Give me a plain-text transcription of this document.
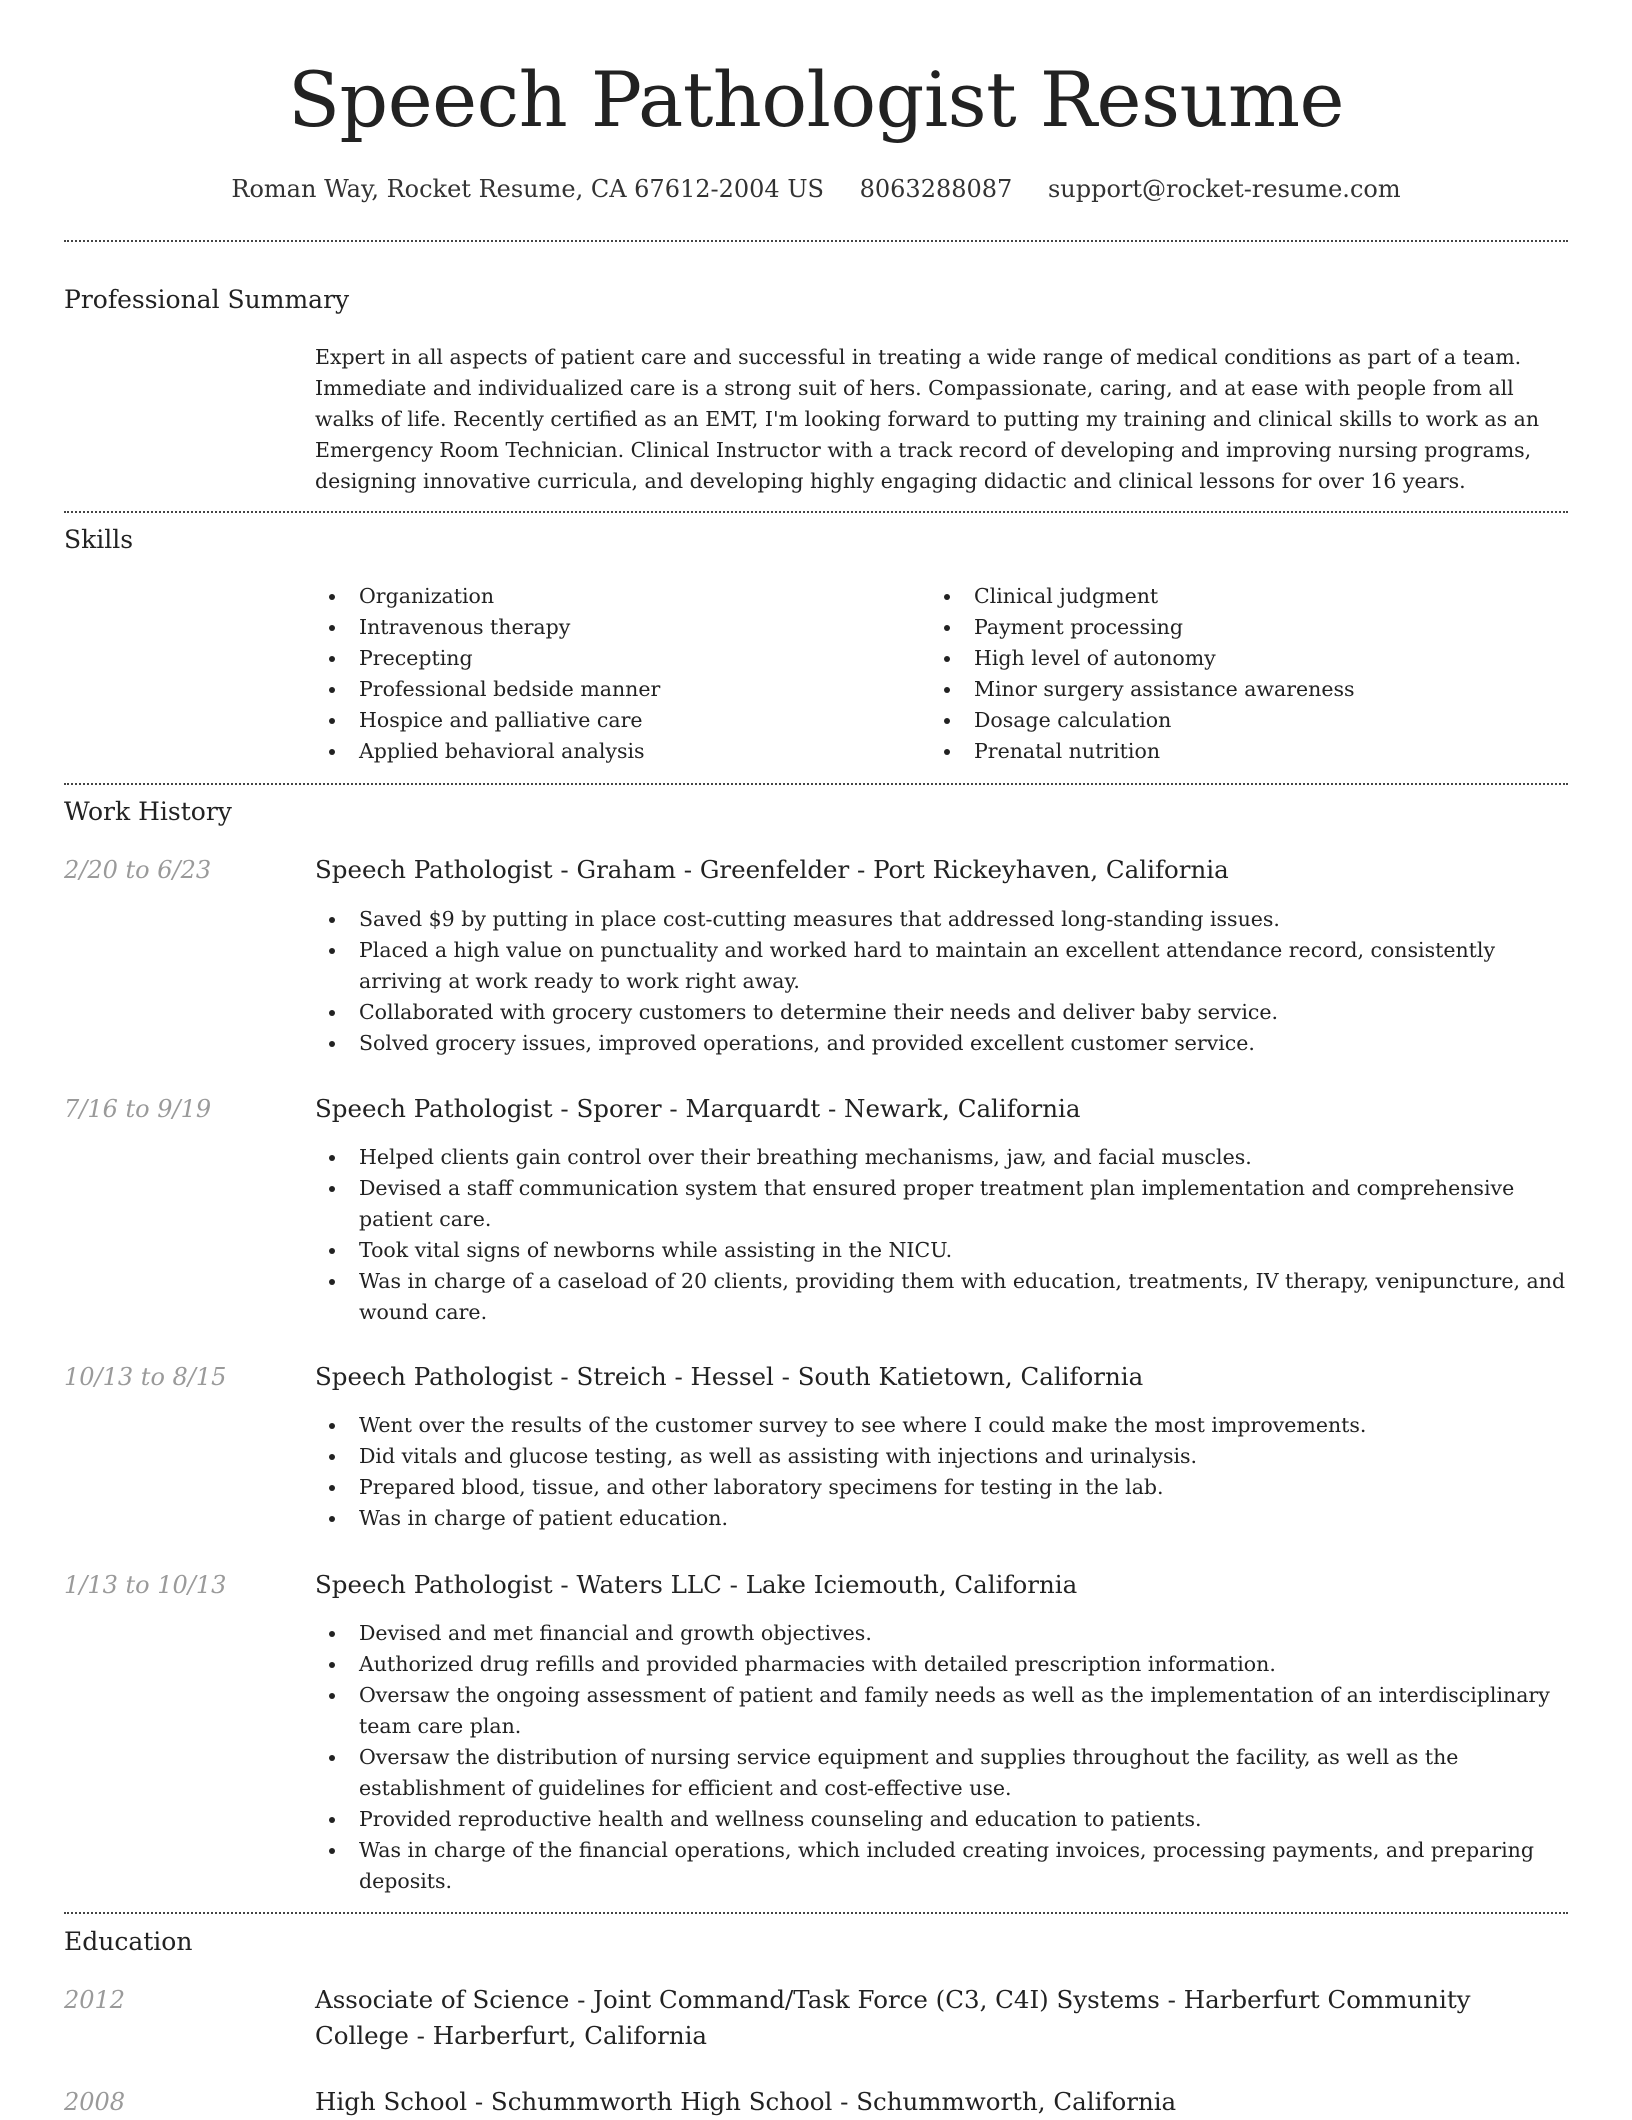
Speech Pathologist Resume
Roman Way, Rocket Resume, CA 67612-2004 US 8063288087 support@rocket-resume.com
Professional Summary

Expert in all aspects of patient care and successful in treating a wide range of medical conditions as part of a team. Immediate and individualized care is a strong suit of hers. Compassionate, caring, and at ease with people from all walks of life. Recently certified as an EMT, I'm looking forward to putting my training and clinical skills to work as an Emergency Room Technician. Clinical Instructor with a track record of developing and improving nursing programs, designing innovative curricula, and developing highly engaging didactic and clinical lessons for over 16 years.

Skills
Organization
Intravenous therapy
Precepting
Professional bedside manner
Hospice and palliative care
Applied behavioral analysis
Clinical judgment
Payment processing
High level of autonomy
Minor surgery assistance awareness
Dosage calculation
Prenatal nutrition
Work History
2/20 to 6/23	Speech Pathologist - Graham - Greenfelder - Port Rickeyhaven, California
Saved $9 by putting in place cost-cutting measures that addressed long-standing issues.
Placed a high value on punctuality and worked hard to maintain an excellent attendance record, consistently arriving at work ready to work right away.
Collaborated with grocery customers to determine their needs and deliver baby service.
Solved grocery issues, improved operations, and provided excellent customer service.
7/16 to 9/19	Speech Pathologist - Sporer - Marquardt - Newark, California
Helped clients gain control over their breathing mechanisms, jaw, and facial muscles.
Devised a staff communication system that ensured proper treatment plan implementation and comprehensive patient care.
Took vital signs of newborns while assisting in the NICU.
Was in charge of a caseload of 20 clients, providing them with education, treatments, IV therapy, venipuncture, and wound care.
10/13 to 8/15	Speech Pathologist - Streich - Hessel - South Katietown, California
Went over the results of the customer survey to see where I could make the most improvements.
Did vitals and glucose testing, as well as assisting with injections and urinalysis.
Prepared blood, tissue, and other laboratory specimens for testing in the lab.
Was in charge of patient education.
1/13 to 10/13	Speech Pathologist - Waters LLC - Lake Iciemouth, California
Devised and met financial and growth objectives.
Authorized drug refills and provided pharmacies with detailed prescription information.
Oversaw the ongoing assessment of patient and family needs as well as the implementation of an interdisciplinary team care plan.
Oversaw the distribution of nursing service equipment and supplies throughout the facility, as well as the establishment of guidelines for efficient and cost-effective use.
Provided reproductive health and wellness counseling and education to patients.
Was in charge of the financial operations, which included creating invoices, processing payments, and preparing deposits.
Education
2012	Associate of Science - Joint Command/Task Force (C3, C4I) Systems - Harberfurt Community College - Harberfurt, California
2008	High School - Schummworth High School - Schummworth, California
